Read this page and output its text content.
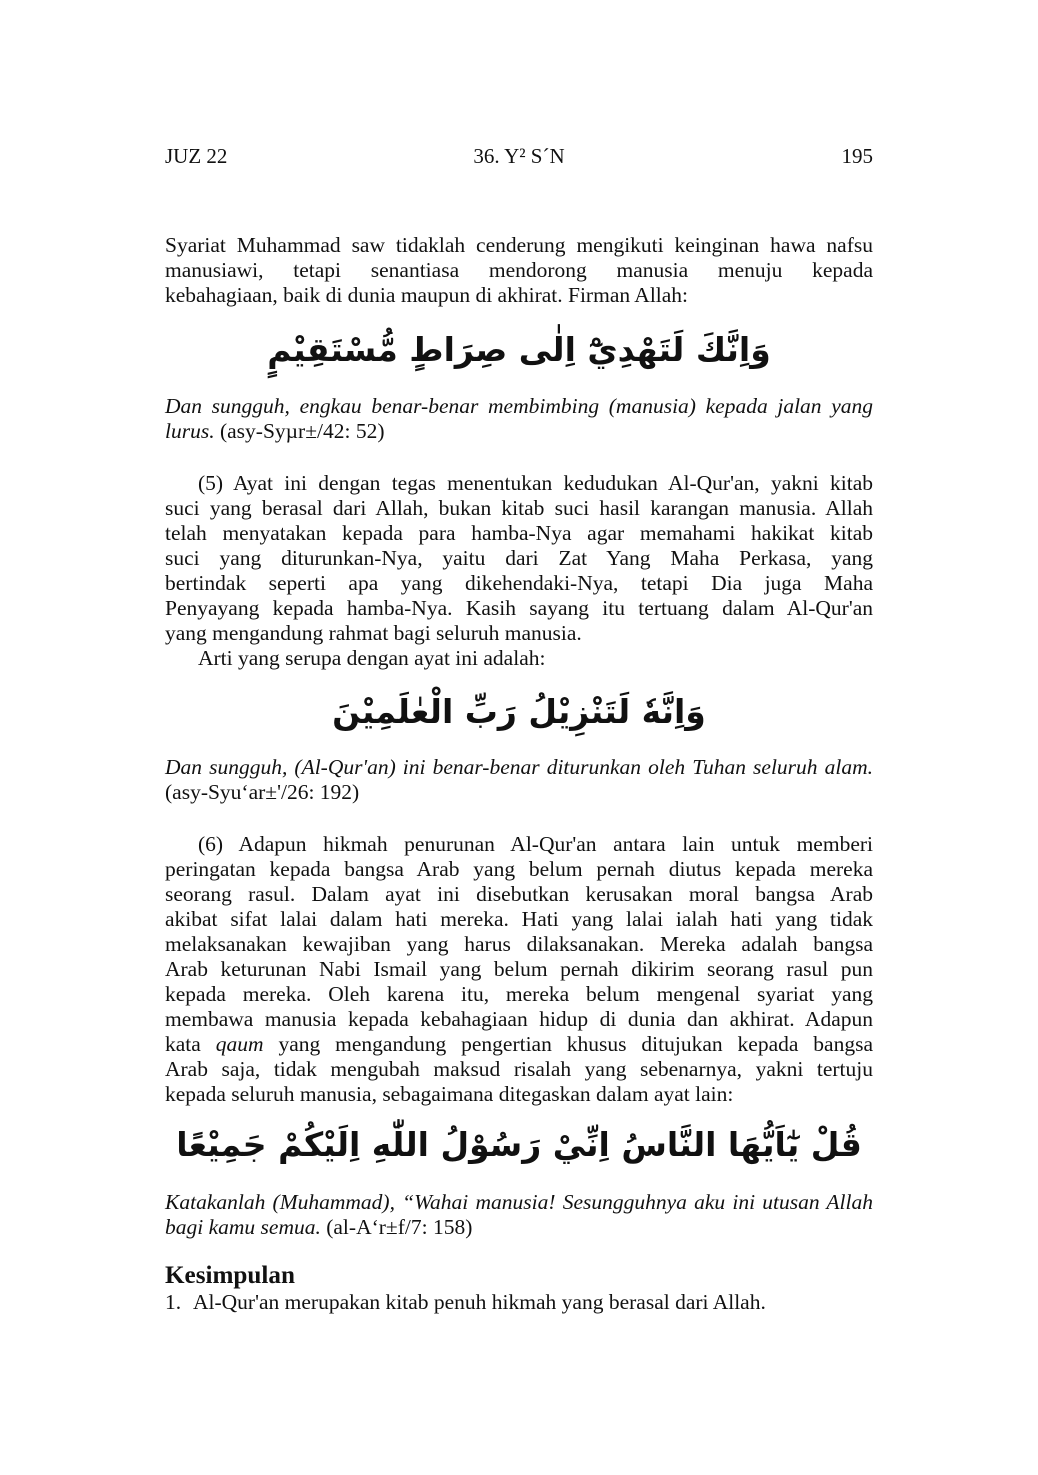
JUZ 22	36. Y² S´N	195

Syariat Muhammad saw tidaklah cenderung mengikuti keinginan hawa nafsu

manusiawi, tetapi senantiasa mendorong manusia menuju kepada

kebahagiaan, baik di dunia maupun di akhirat. Firman Allah:

وَاِنَّكَ لَتَهْدِيْٓ اِلٰى صِرَاطٍ مُّسْتَقِيْمٍ

Dan sungguh, engkau benar-benar membimbing (manusia) kepada jalan yang lurus. (asy-Syµr±/42: 52)

(5) Ayat ini dengan tegas menentukan kedudukan Al-Qur'an, yakni kitab

suci yang berasal dari Allah, bukan kitab suci hasil karangan manusia. Allah

telah menyatakan kepada para hamba-Nya agar memahami hakikat kitab

suci yang diturunkan-Nya, yaitu dari Zat Yang Maha Perkasa, yang

bertindak seperti apa yang dikehendaki-Nya, tetapi Dia juga Maha

Penyayang kepada hamba-Nya. Kasih sayang itu tertuang dalam Al-Qur'an

yang mengandung rahmat bagi seluruh manusia.

Arti yang serupa dengan ayat ini adalah:

وَاِنَّهٗ لَتَنْزِيْلُ رَبِّ الْعٰلَمِيْنَ

Dan sungguh, (Al-Qur'an) ini benar-benar diturunkan oleh Tuhan seluruh alam. (asy-Syu‘ar±'/26: 192)

(6) Adapun hikmah penurunan Al-Qur'an antara lain untuk memberi

peringatan kepada bangsa Arab yang belum pernah diutus kepada mereka

seorang rasul. Dalam ayat ini disebutkan kerusakan moral bangsa Arab

akibat sifat lalai dalam hati mereka. Hati yang lalai ialah hati yang tidak

melaksanakan kewajiban yang harus dilaksanakan. Mereka adalah bangsa

Arab keturunan Nabi Ismail yang belum pernah dikirim seorang rasul pun

kepada mereka. Oleh karena itu, mereka belum mengenal syariat yang

membawa manusia kepada kebahagiaan hidup di dunia dan akhirat. Adapun

kata qaum yang mengandung pengertian khusus ditujukan kepada bangsa

Arab saja, tidak mengubah maksud risalah yang sebenarnya, yakni tertuju

kepada seluruh manusia, sebagaimana ditegaskan dalam ayat lain:

قُلْ يٰٓاَيُّهَا النَّاسُ اِنِّيْ رَسُوْلُ اللّٰهِ اِلَيْكُمْ جَمِيْعًا

Katakanlah (Muhammad), “Wahai manusia! Sesungguhnya aku ini utusan Allah bagi kamu semua. (al-A‘r±f/7: 158)

Kesimpulan
1. Al-Qur'an merupakan kitab penuh hikmah yang berasal dari Allah.
